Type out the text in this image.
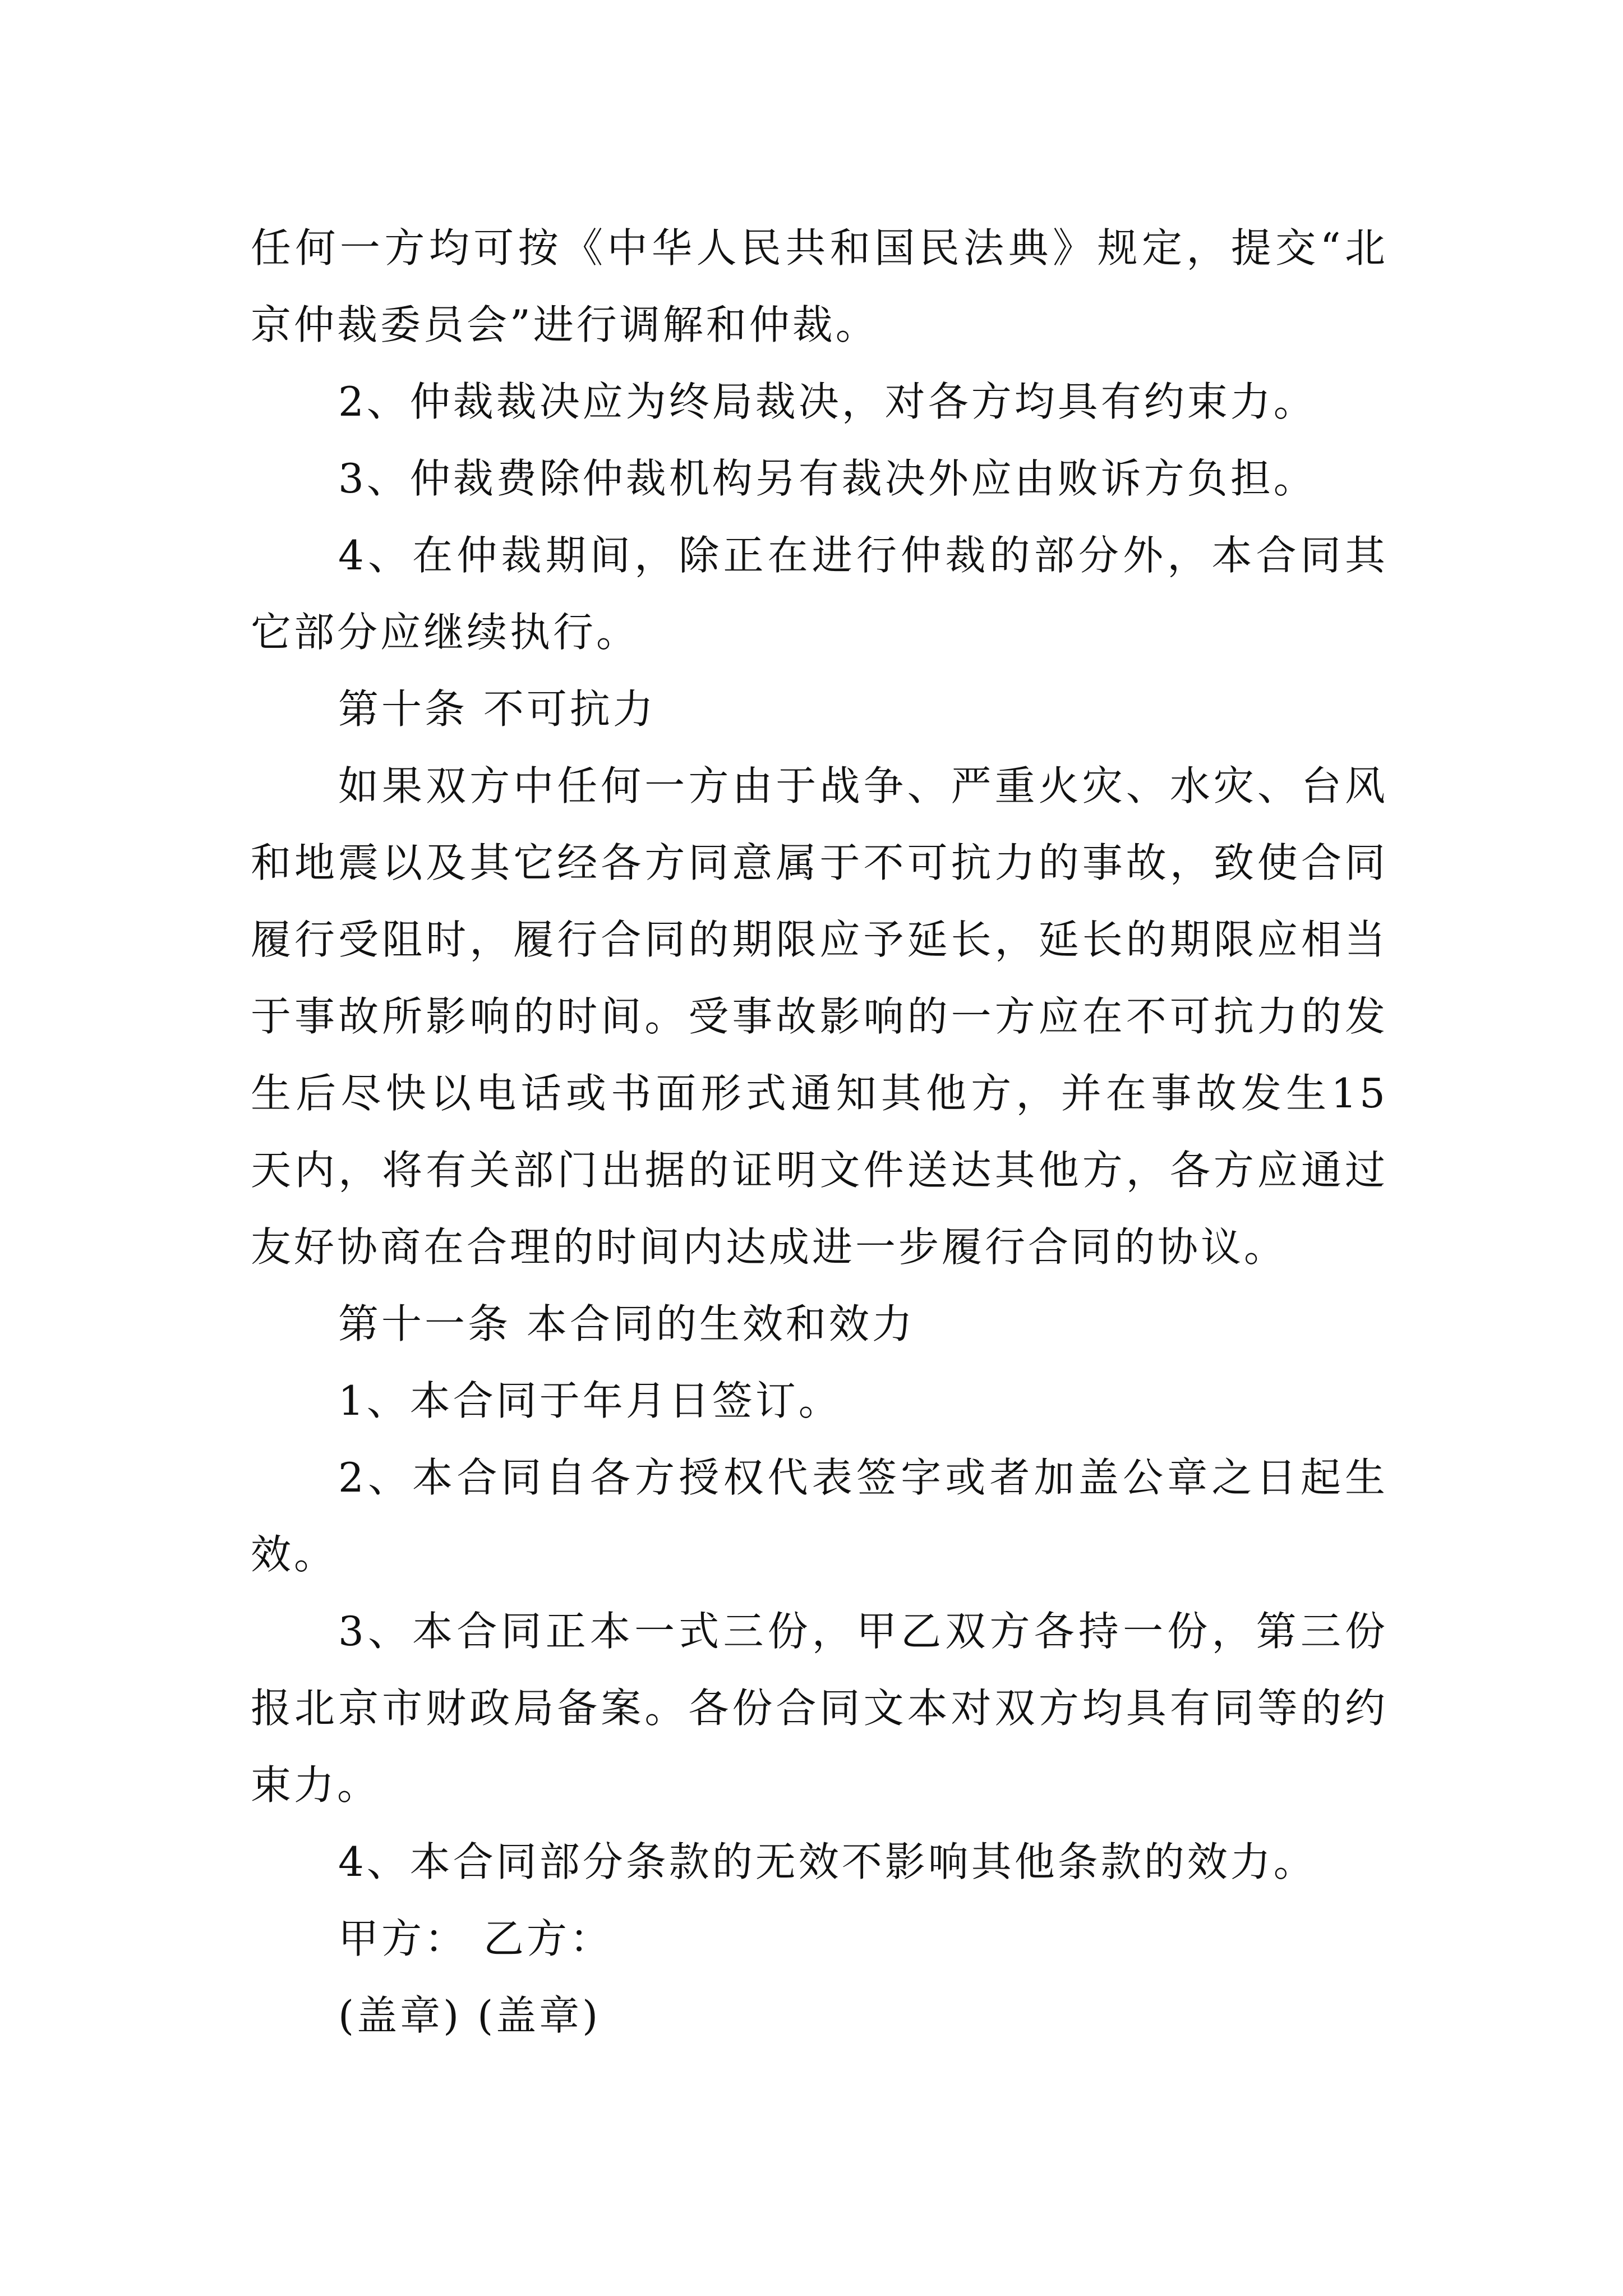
任何一方均可按《中华人民共和国民法典》规定，提交“北
京仲裁委员会”进行调解和仲裁。
2、仲裁裁决应为终局裁决，对各方均具有约束力。
3、仲裁费除仲裁机构另有裁决外应由败诉方负担。
4、在仲裁期间，除正在进行仲裁的部分外，本合同其
它部分应继续执行。
第十条 不可抗力
如果双方中任何一方由于战争、严重火灾、水灾、台风
和地震以及其它经各方同意属于不可抗力的事故，致使合同
履行受阻时，履行合同的期限应予延长，延长的期限应相当
于事故所影响的时间。受事故影响的一方应在不可抗力的发
生后尽快以电话或书面形式通知其他方，并在事故发生15
天内，将有关部门出据的证明文件送达其他方，各方应通过
友好协商在合理的时间内达成进一步履行合同的协议。
第十一条 本合同的生效和效力
1、本合同于年月日签订。
2、本合同自各方授权代表签字或者加盖公章之日起生
效。
3、本合同正本一式三份，甲乙双方各持一份，第三份
报北京市财政局备案。各份合同文本对双方均具有同等的约
束力。
4、本合同部分条款的无效不影响其他条款的效力。
甲方： 乙方：
(盖章) (盖章)
